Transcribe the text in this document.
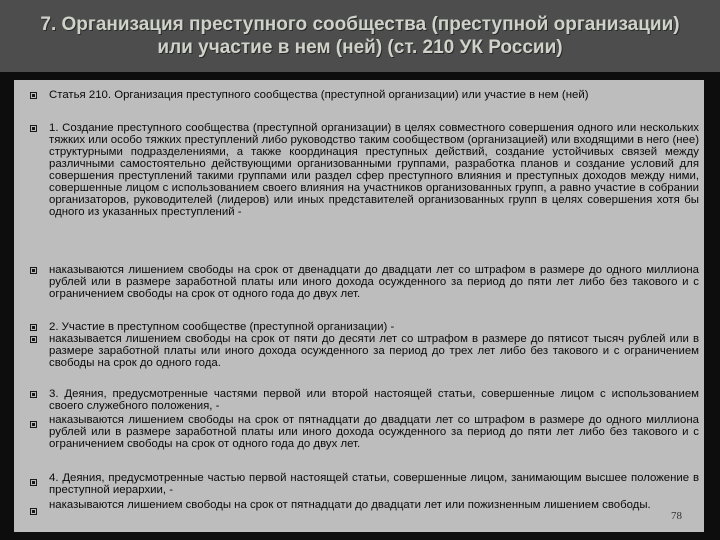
7. Организация преступного сообщества (преступной организации) или участие в нем (ней) (ст. 210 УК России)
Статья 210. Организация преступного сообщества (преступной организации) или участие в нем (ней)
1. Создание преступного сообщества (преступной организации) в целях совместного совершения одного или нескольких тяжких или особо тяжких преступлений либо руководство таким сообществом (организацией) или входящими в него (нее) структурными подразделениями, а также координация преступных действий, создание устойчивых связей между различными самостоятельно действующими организованными группами, разработка планов и создание условий для совершения преступлений такими группами или раздел сфер преступного влияния и преступных доходов между ними, совершенные лицом с использованием своего влияния на участников организованных групп, а равно участие в собрании организаторов, руководителей (лидеров) или иных представителей организованных групп в целях совершения хотя бы одного из указанных преступлений -
наказываются лишением свободы на срок от двенадцати до двадцати лет со штрафом в размере до одного миллиона рублей или в размере заработной платы или иного дохода осужденного за период до пяти лет либо без такового и с ограничением свободы на срок от одного года до двух лет.
2. Участие в преступном сообществе (преступной организации) -
наказывается лишением свободы на срок от пяти до десяти лет со штрафом в размере до пятисот тысяч рублей или в размере заработной платы или иного дохода осужденного за период до трех лет либо без такового и с ограничением свободы на срок до одного года.
3. Деяния, предусмотренные частями первой или второй настоящей статьи, совершенные лицом с использованием своего служебного положения, -
наказываются лишением свободы на срок от пятнадцати до двадцати лет со штрафом в размере до одного миллиона рублей или в размере заработной платы или иного дохода осужденного за период до пяти лет либо без такового и с ограничением свободы на срок от одного года до двух лет.
4. Деяния, предусмотренные частью первой настоящей статьи, совершенные лицом, занимающим высшее положение в преступной иерархии, -
наказываются лишением свободы на срок от пятнадцати до двадцати лет или пожизненным лишением свободы.
78
